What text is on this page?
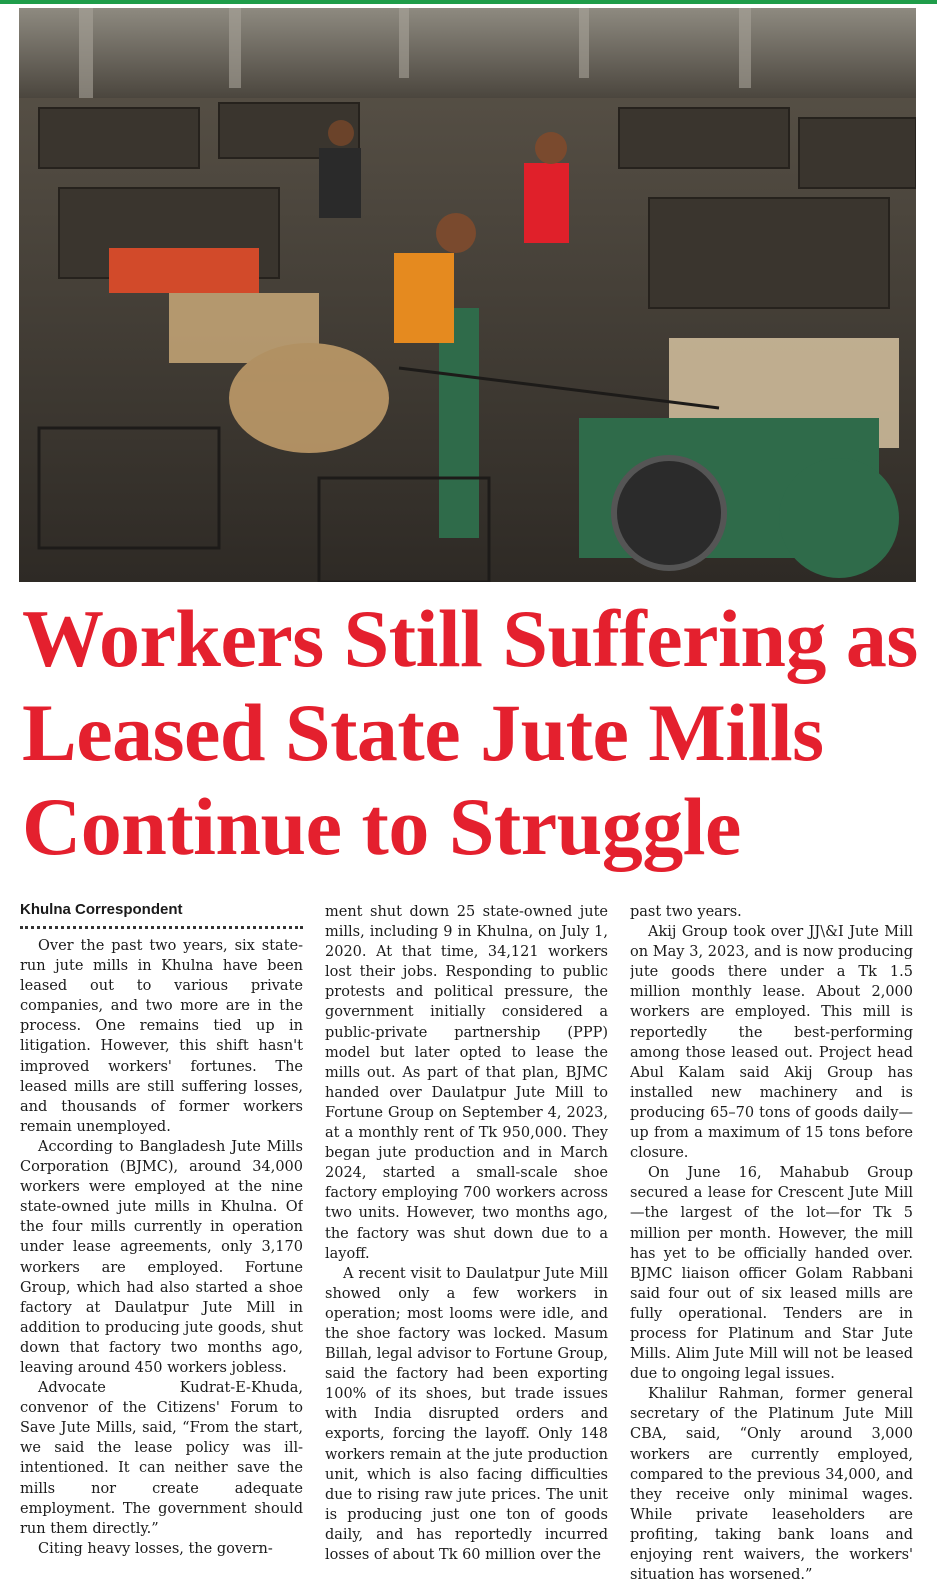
Workers Still Suffering as
Leased State Jute Mills
Continue to Struggle
Khulna Correspondent

Over the past two years, six state-run jute mills in Khulna have been leased out to various private companies, and two more are in the process. One remains tied up in litigation. However, this shift hasn't improved workers' fortunes. The leased mills are still suffering losses, and thousands of former workers remain unemployed.

According to Bangladesh Jute Mills Corporation (BJMC), around 34,000 workers were employed at the nine state-owned jute mills in Khulna. Of the four mills currently in operation under lease agreements, only 3,170 workers are employed. Fortune Group, which had also started a shoe factory at Daulatpur Jute Mill in addition to producing jute goods, shut down that factory two months ago, leaving around 450 workers jobless.

Advocate Kudrat-E-Khuda, convenor of the Citizens' Forum to Save Jute Mills, said, “From the start, we said the lease policy was ill-intentioned. It can neither save the mills nor create adequate employment. The government should run them directly.”

Citing heavy losses, the govern-

ment shut down 25 state-owned jute mills, including 9 in Khulna, on July 1, 2020. At that time, 34,121 workers lost their jobs. Responding to public protests and political pressure, the government initially considered a public-private partnership (PPP) model but later opted to lease the mills out. As part of that plan, BJMC handed over Daulatpur Jute Mill to Fortune Group on September 4, 2023, at a monthly rent of Tk 950,000. They began jute production and in March 2024, started a small-scale shoe factory employing 700 workers across two units. However, two months ago, the factory was shut down due to a layoff.

A recent visit to Daulatpur Jute Mill showed only a few workers in operation; most looms were idle, and the shoe factory was locked. Masum Billah, legal advisor to Fortune Group, said the factory had been exporting 100% of its shoes, but trade issues with India disrupted orders and exports, forcing the layoff. Only 148 workers remain at the jute production unit, which is also facing difficulties due to rising raw jute prices. The unit is producing just one ton of goods daily, and has reportedly incurred losses of about Tk 60 million over the

past two years.

Akij Group took over JJ\&I Jute Mill on May 3, 2023, and is now producing jute goods there under a Tk 1.5 million monthly lease. About 2,000 workers are employed. This mill is reportedly the best-performing among those leased out. Project head Abul Kalam said Akij Group has installed new machinery and is producing 65–70 tons of goods daily—up from a maximum of 15 tons before closure.

On June 16, Mahabub Group secured a lease for Crescent Jute Mill—the largest of the lot—for Tk 5 million per month. However, the mill has yet to be officially handed over. BJMC liaison officer Golam Rabbani said four out of six leased mills are fully operational. Tenders are in process for Platinum and Star Jute Mills. Alim Jute Mill will not be leased due to ongoing legal issues.

Khalilur Rahman, former general secretary of the Platinum Jute Mill CBA, said, “Only around 3,000 workers are currently employed, compared to the previous 34,000, and they receive only minimal wages. While private leaseholders are profiting, taking bank loans and enjoying rent waivers, the workers' situation has worsened.”
